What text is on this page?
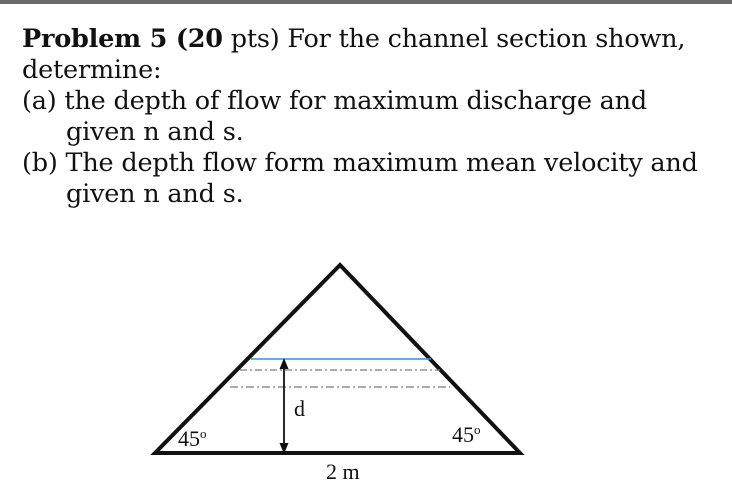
Problem 5 (20 pts) For the channel section shown,
determine:
(a) the depth of flow for maximum discharge and
given n and s.
(b) The depth flow form maximum mean velocity and
given n and s.
d
45$^o$	45$^o$
2 m
